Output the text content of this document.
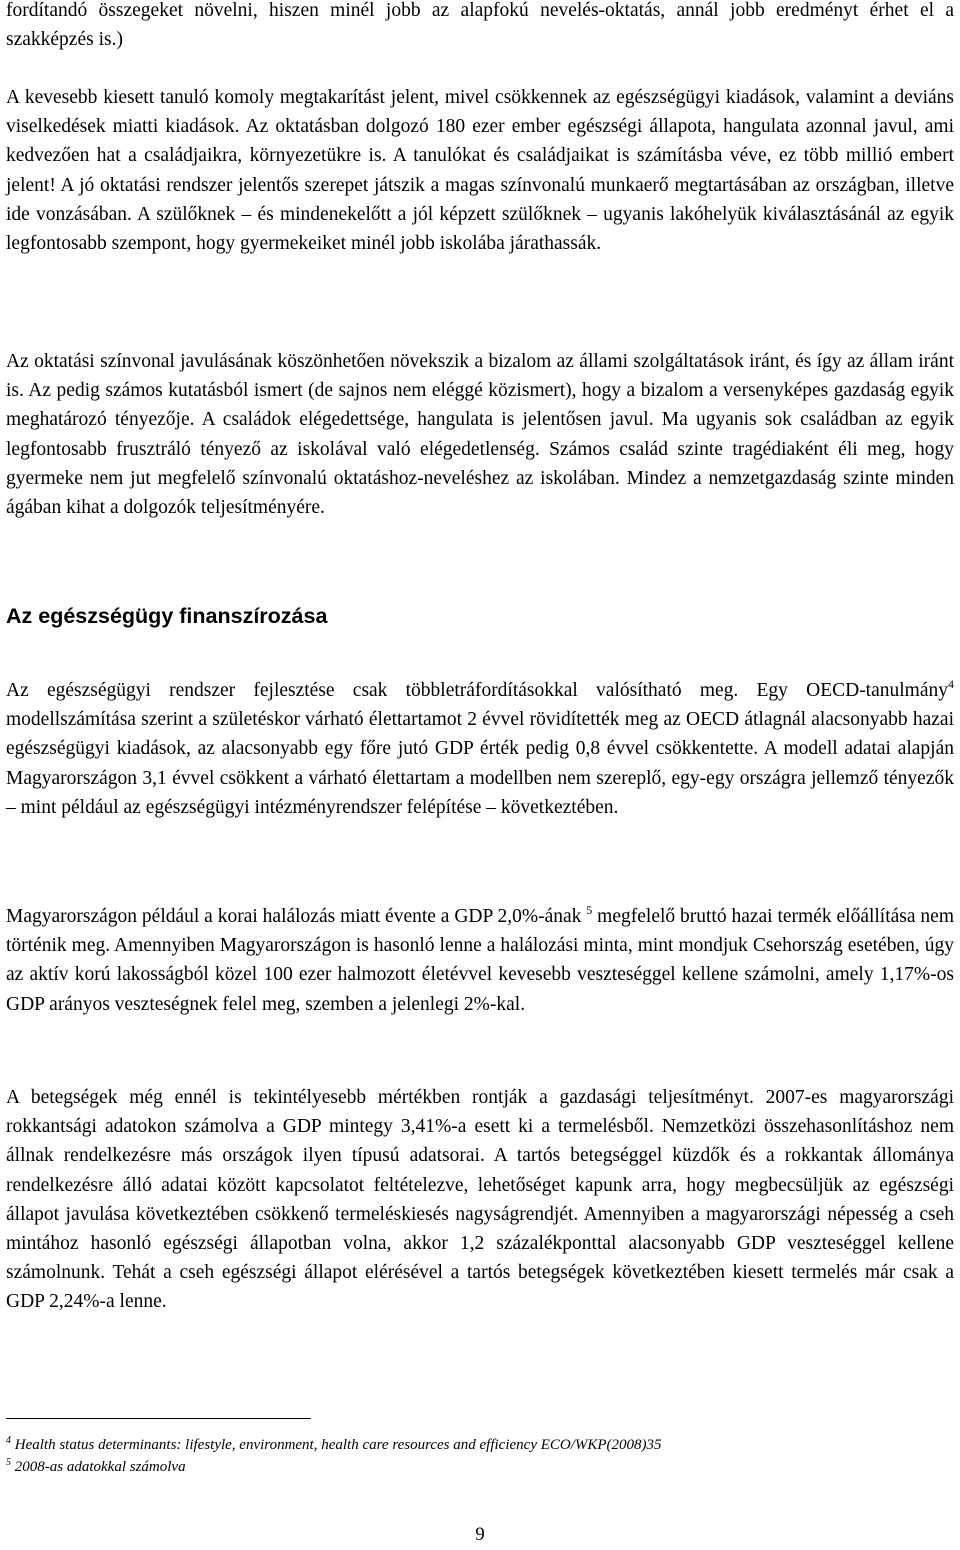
fordítandó összegeket növelni, hiszen minél jobb az alapfokú nevelés-oktatás, annál jobb eredményt érhet el a szakképzés is.)

A kevesebb kiesett tanuló komoly megtakarítást jelent, mivel csökkennek az egészségügyi kiadások, valamint a deviáns viselkedések miatti kiadások. Az oktatásban dolgozó 180 ezer ember egészségi állapota, hangulata azonnal javul, ami kedvezően hat a családjaikra, környezetükre is. A tanulókat és családjaikat is számításba véve, ez több millió embert jelent! A jó oktatási rendszer jelentős szerepet játszik a magas színvonalú munkaerő megtartásában az országban, illetve ide vonzásában. A szülőknek – és mindenekelőtt a jól képzett szülőknek – ugyanis lakóhelyük kiválasztásánál az egyik legfontosabb szempont, hogy gyermekeiket minél jobb iskolába járathassák.

Az oktatási színvonal javulásának köszönhetően növekszik a bizalom az állami szolgáltatások iránt, és így az állam iránt is. Az pedig számos kutatásból ismert (de sajnos nem eléggé közismert), hogy a bizalom a versenyképes gazdaság egyik meghatározó tényezője. A családok elégedettsége, hangulata is jelentősen javul. Ma ugyanis sok családban az egyik legfontosabb frusztráló tényező az iskolával való elégedetlenség. Számos család szinte tragédiaként éli meg, hogy gyermeke nem jut megfelelő színvonalú oktatáshoz-neveléshez az iskolában. Mindez a nemzetgazdaság szinte minden ágában kihat a dolgozók teljesítményére.

Az egészségügy finanszírozása

Az egészségügyi rendszer fejlesztése csak többletráfordításokkal valósítható meg. Egy OECD-tanulmány$^4$ modellszámítása szerint a születéskor várható élettartamot 2 évvel rövidítették meg az OECD átlagnál alacsonyabb hazai egészségügyi kiadások, az alacsonyabb egy főre jutó GDP érték pedig 0,8 évvel csökkentette. A modell adatai alapján Magyarországon 3,1 évvel csökkent a várható élettartam a modellben nem szereplő, egy-egy országra jellemző tényezők – mint például az egészségügyi intézményrendszer felépítése – következtében.

Magyarországon például a korai halálozás miatt évente a GDP 2,0%-ának $^5$ megfelelő bruttó hazai termék előállítása nem történik meg. Amennyiben Magyarországon is hasonló lenne a halálozási minta, mint mondjuk Csehország esetében, úgy az aktív korú lakosságból közel 100 ezer halmozott életévvel kevesebb veszteséggel kellene számolni, amely 1,17%-os GDP arányos veszteségnek felel meg, szemben a jelenlegi 2%-kal.

A betegségek még ennél is tekintélyesebb mértékben rontják a gazdasági teljesítményt. 2007-es magyarországi rokkantsági adatokon számolva a GDP mintegy 3,41%-a esett ki a termelésből. Nemzetközi összehasonlításhoz nem állnak rendelkezésre más országok ilyen típusú adatsorai. A tartós betegséggel küzdők és a rokkantak állománya rendelkezésre álló adatai között kapcsolatot feltételezve, lehetőséget kapunk arra, hogy megbecsüljük az egészségi állapot javulása következtében csökkenő termeléskiesés nagyságrendjét. Amennyiben a magyarországi népesség a cseh mintához hasonló egészségi állapotban volna, akkor 1,2 százalékponttal alacsonyabb GDP veszteséggel kellene számolnunk. Tehát a cseh egészségi állapot elérésével a tartós betegségek következtében kiesett termelés már csak a GDP 2,24%-a lenne.

$^4$ Health status determinants: lifestyle, environment, health care resources and efficiency ECO/WKP(2008)35

$^5$ 2008-as adatokkal számolva

9
